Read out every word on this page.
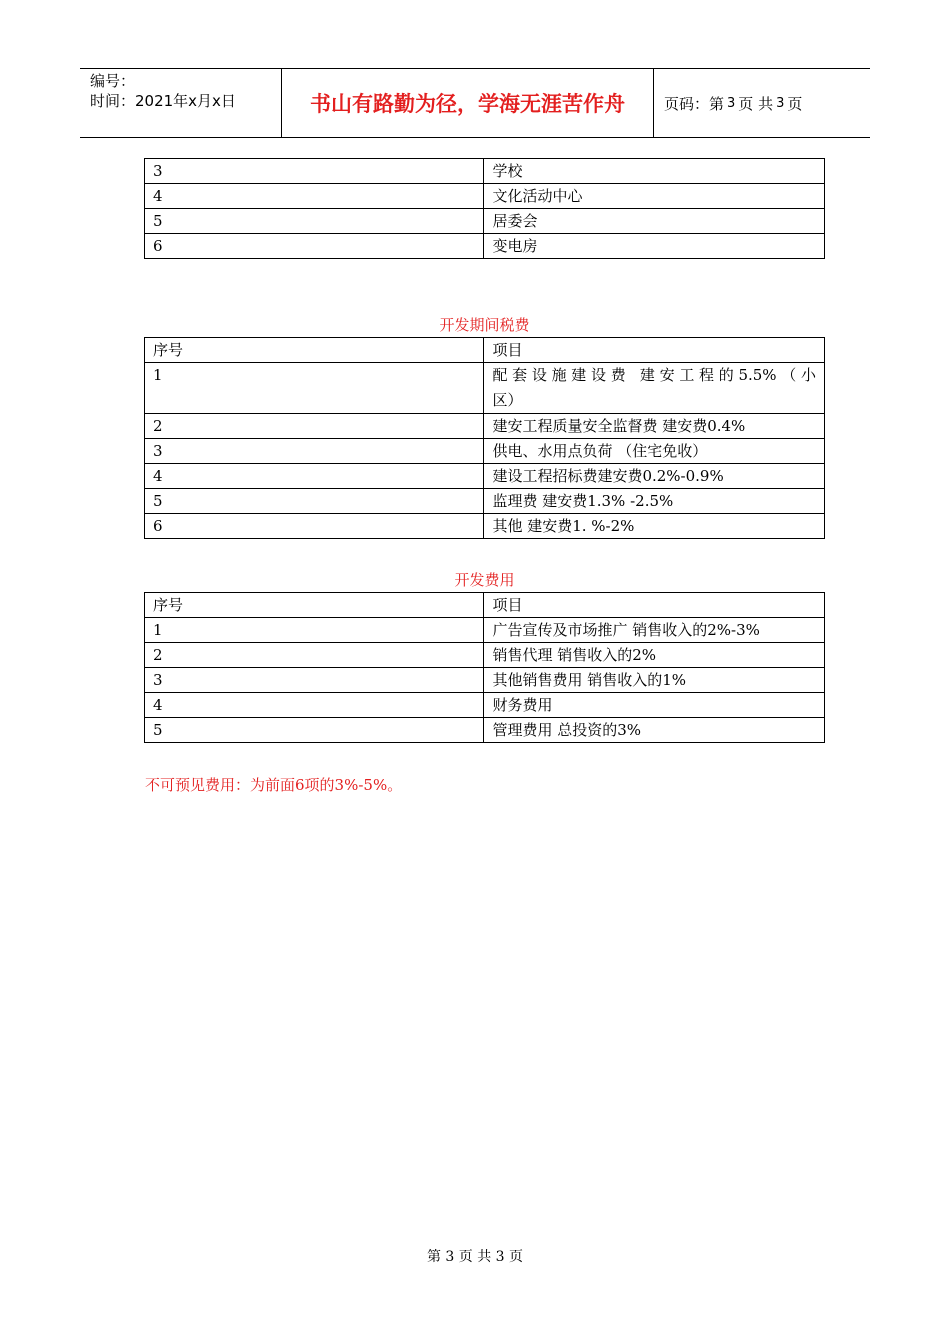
编号：
时间：2021年x月x日	书山有路勤为径，学海无涯苦作舟	页码：第 3 页 共 3 页
3	学校
4	文化活动中心
5	居委会
6	变电房
开发期间税费
序号	项目
1	配套设施建设费 建安工程的5.5%（小
区）

2	建安工程质量安全监督费 建安费0.4%
3	供电、水用点负荷 （住宅免收）
4	建设工程招标费建安费0.2%-0.9%
5	监理费 建安费1.3% -2.5%
6	其他 建安费1. %-2%
开发费用
序号	项目
1	广告宣传及市场推广 销售收入的2%-3%
2	销售代理 销售收入的2%
3	其他销售费用 销售收入的1%
4	财务费用
5	管理费用 总投资的3%
不可预见费用：为前面6项的3%-5%。
第 3 页 共 3 页
